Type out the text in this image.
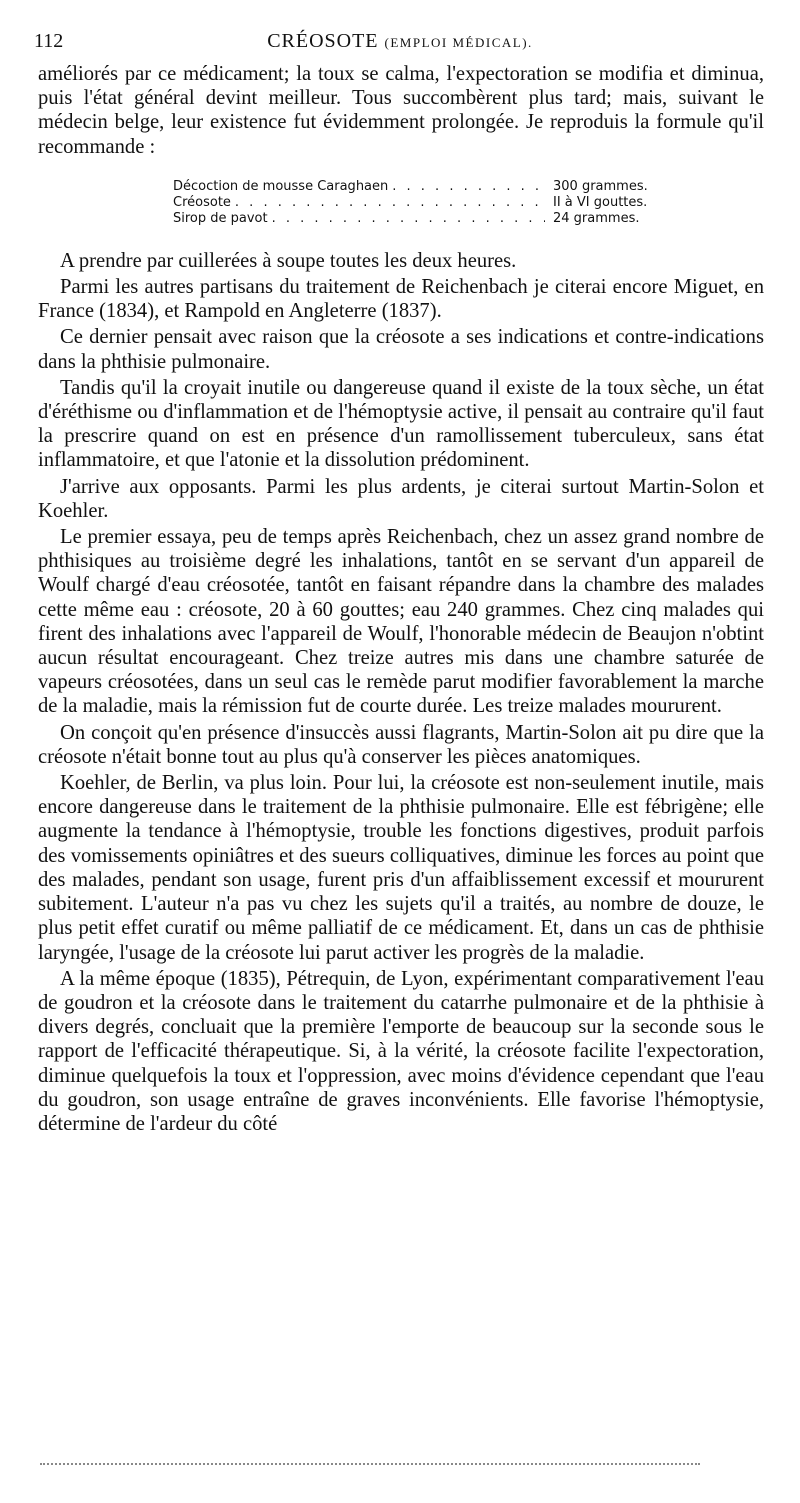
112	CRÉOSOTE (EMPLOI MÉDICAL).

améliorés par ce médicament; la toux se calma, l'expectoration se modifia et diminua, puis l'état général devint meilleur. Tous succombèrent plus tard; mais, suivant le médecin belge, leur existence fut évidemment prolongée. Je reproduis la formule qu'il recommande :

Décoction de mousse Caraghaen . . .	300 grammes.
Créosote . . .	II à VI gouttes.
Sirop de pavot . . .	24 grammes.

A prendre par cuillerées à soupe toutes les deux heures.

Parmi les autres partisans du traitement de Reichenbach je citerai encore Miguet, en France (1834), et Rampold en Angleterre (1837).

Ce dernier pensait avec raison que la créosote a ses indications et contre-indications dans la phthisie pulmonaire.

Tandis qu'il la croyait inutile ou dangereuse quand il existe de la toux sèche, un état d'éréthisme ou d'inflammation et de l'hémoptysie active, il pensait au contraire qu'il faut la prescrire quand on est en présence d'un ramollissement tuberculeux, sans état inflammatoire, et que l'atonie et la dissolution prédominent.

J'arrive aux opposants. Parmi les plus ardents, je citerai surtout Martin-Solon et Koehler.

Le premier essaya, peu de temps après Reichenbach, chez un assez grand nombre de phthisiques au troisième degré les inhalations, tantôt en se servant d'un appareil de Woulf chargé d'eau créosotée, tantôt en faisant répandre dans la chambre des malades cette même eau : créosote, 20 à 60 gouttes; eau 240 grammes. Chez cinq malades qui firent des inhalations avec l'appareil de Woulf, l'honorable médecin de Beaujon n'obtint aucun résultat encourageant. Chez treize autres mis dans une chambre saturée de vapeurs créosotées, dans un seul cas le remède parut modifier favorablement la marche de la maladie, mais la rémission fut de courte durée. Les treize malades moururent.

On conçoit qu'en présence d'insuccès aussi flagrants, Martin-Solon ait pu dire que la créosote n'était bonne tout au plus qu'à conserver les pièces anatomiques.

Koehler, de Berlin, va plus loin. Pour lui, la créosote est non-seulement inutile, mais encore dangereuse dans le traitement de la phthisie pulmonaire. Elle est fébrigène; elle augmente la tendance à l'hémoptysie, trouble les fonctions digestives, produit parfois des vomissements opiniâtres et des sueurs colliquatives, diminue les forces au point que des malades, pendant son usage, furent pris d'un affaiblissement excessif et moururent subitement. L'auteur n'a pas vu chez les sujets qu'il a traités, au nombre de douze, le plus petit effet curatif ou même palliatif de ce médicament. Et, dans un cas de phthisie laryngée, l'usage de la créosote lui parut activer les progrès de la maladie.

A la même époque (1835), Pétrequin, de Lyon, expérimentant comparativement l'eau de goudron et la créosote dans le traitement du catarrhe pulmonaire et de la phthisie à divers degrés, concluait que la première l'emporte de beaucoup sur la seconde sous le rapport de l'efficacité thérapeutique. Si, à la vérité, la créosote facilite l'expectoration, diminue quelquefois la toux et l'oppression, avec moins d'évidence cependant que l'eau du goudron, son usage entraîne de graves inconvénients. Elle favorise l'hémoptysie, détermine de l'ardeur du côté
